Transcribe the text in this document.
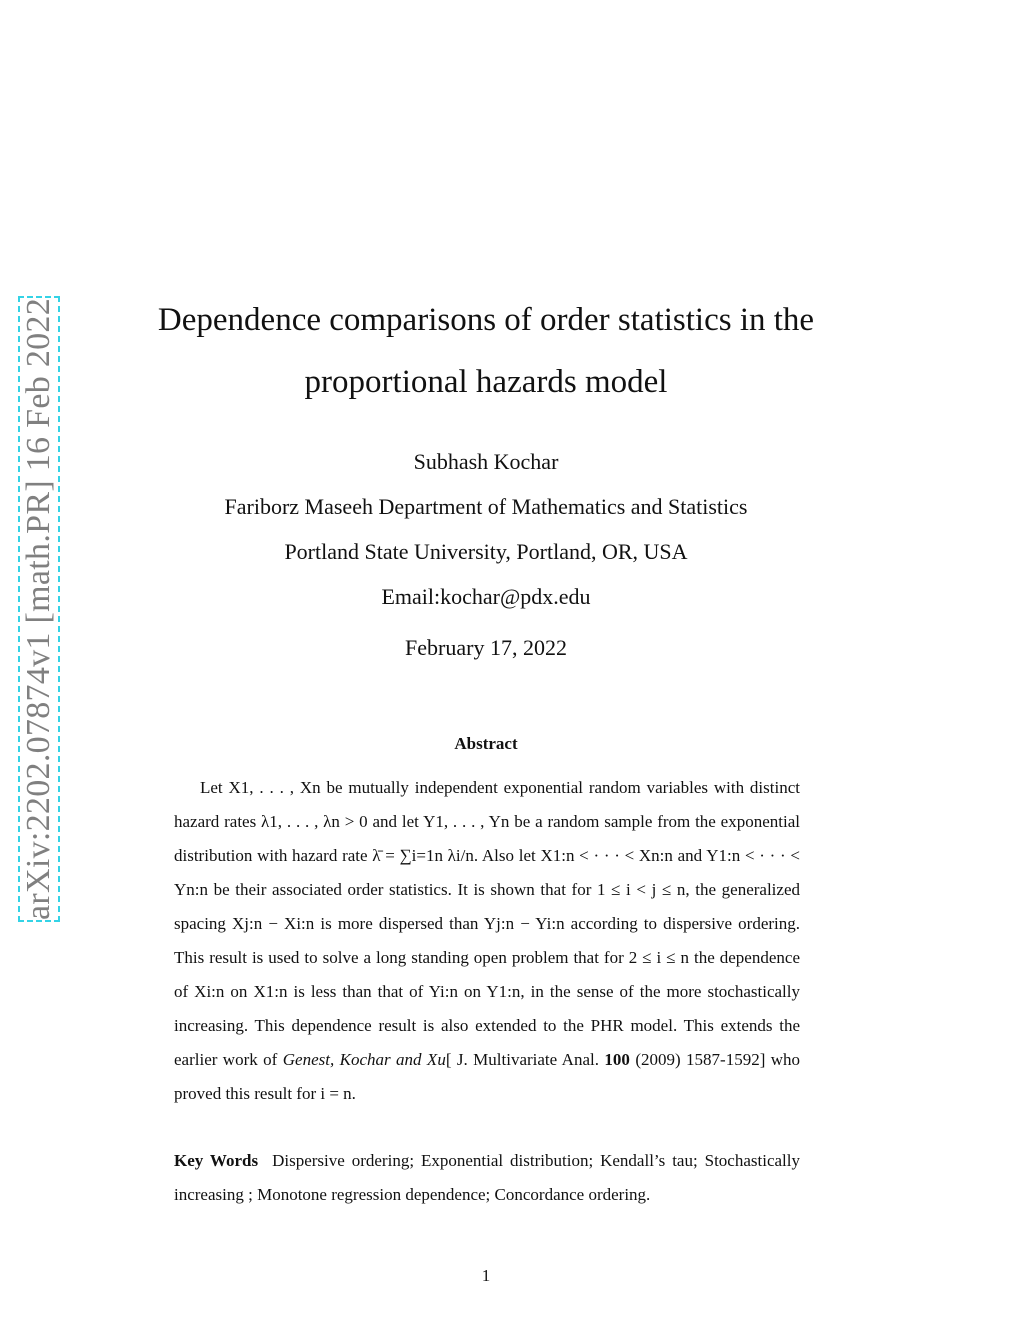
arXiv:2202.07874v1 [math.PR] 16 Feb 2022	Dependence comparisons of order statistics in the
proportional hazards model
Subhash Kochar
Fariborz Maseeh Department of Mathematics and Statistics
Portland State University, Portland, OR, USA
Email:kochar@pdx.edu
February 17, 2022
Abstract

Let X1, . . . , Xn be mutually independent exponential random variables with distinct hazard rates λ1, . . . , λn > 0 and let Y1, . . . , Yn be a random sample from the exponential distribution with hazard rate λ̄ = ∑i=1n λi/n. Also let X1:n < · · · < Xn:n and Y1:n < · · · < Yn:n be their associated order statistics. It is shown that for 1 ≤ i < j ≤ n, the generalized spacing Xj:n − Xi:n is more dispersed than Yj:n − Yi:n according to dispersive ordering. This result is used to solve a long standing open problem that for 2 ≤ i ≤ n the dependence of Xi:n on X1:n is less than that of Yi:n on Y1:n, in the sense of the more stochastically increasing. This dependence result is also extended to the PHR model. This extends the earlier work of Genest, Kochar and Xu[ J. Multivariate Anal. 100 (2009) 1587-1592] who proved this result for i = n.

Key Words Dispersive ordering; Exponential distribution; Kendall’s tau; Stochastically increasing ; Monotone regression dependence; Concordance ordering.

1
